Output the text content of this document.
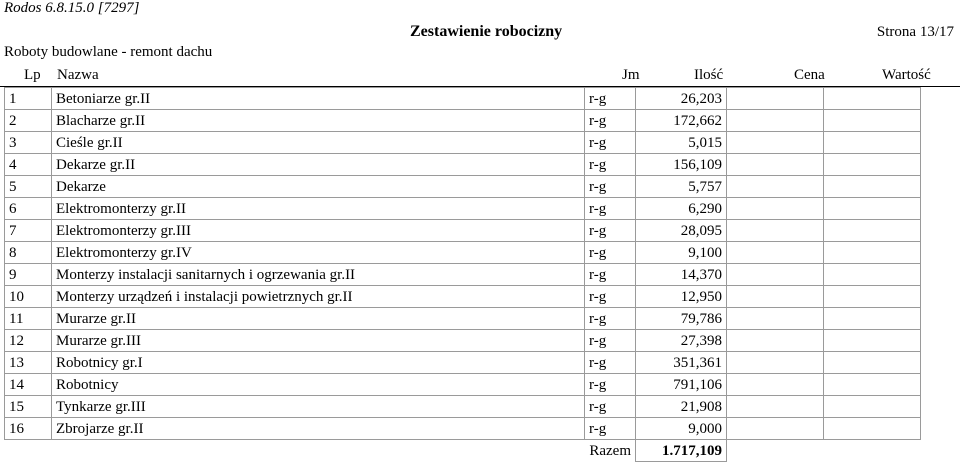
Rodos 6.8.15.0 [7297]
Zestawienie robocizny	Strona 13/17
Roboty budowlane - remont dachu
Lp Nazwa	Jm	Ilość	Cena	Wartość
1	Betoniarze gr.II	r-g	26,203		
2	Blacharze gr.II	r-g	172,662		
3	Cieśle gr.II	r-g	5,015		
4	Dekarze gr.II	r-g	156,109		
5	Dekarze	r-g	5,757		
6	Elektromonterzy gr.II	r-g	6,290		
7	Elektromonterzy gr.III	r-g	28,095		
8	Elektromonterzy gr.IV	r-g	9,100		
9	Monterzy instalacji sanitarnych i ogrzewania gr.II	r-g	14,370		
10	Monterzy urządzeń i instalacji powietrznych gr.II	r-g	12,950		
11	Murarze gr.II	r-g	79,786		
12	Murarze gr.III	r-g	27,398		
13	Robotnicy gr.I	r-g	351,361		
14	Robotnicy	r-g	791,106		
15	Tynkarze gr.III	r-g	21,908		
16	Zbrojarze gr.II	r-g	9,000		
	Razem		1.717,109		
